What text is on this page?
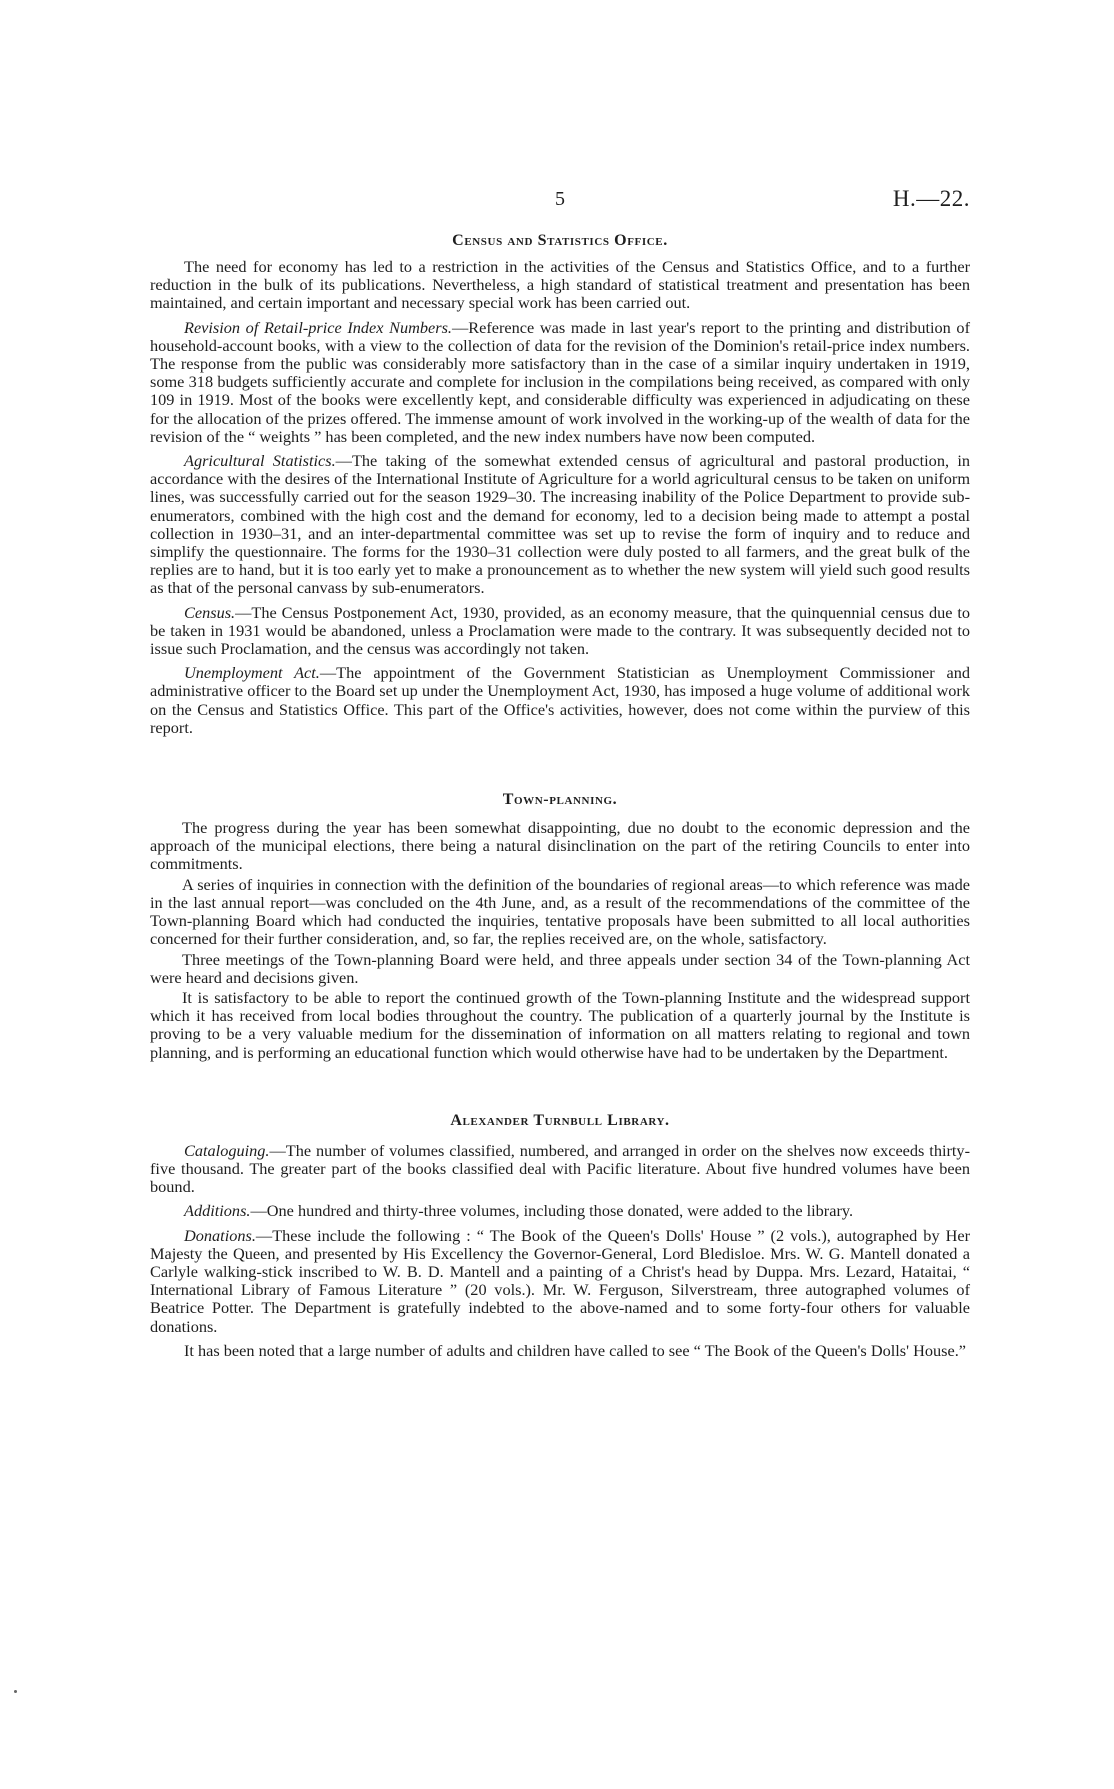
5	H.—22.
Census and Statistics Office.

The need for economy has led to a restriction in the activities of the Census and Statistics Office, and to a further reduction in the bulk of its publications. Nevertheless, a high standard of statistical treatment and presentation has been maintained, and certain important and necessary special work has been carried out.

Revision of Retail-price Index Numbers.—Reference was made in last year's report to the printing and distribution of household-account books, with a view to the collection of data for the revision of the Dominion's retail-price index numbers. The response from the public was considerably more satisfactory than in the case of a similar inquiry undertaken in 1919, some 318 budgets sufficiently accurate and complete for inclusion in the compilations being received, as compared with only 109 in 1919. Most of the books were excellently kept, and considerable difficulty was experienced in adjudicating on these for the allocation of the prizes offered. The immense amount of work involved in the working-up of the wealth of data for the revision of the “ weights ” has been completed, and the new index numbers have now been computed.

Agricultural Statistics.—The taking of the somewhat extended census of agricultural and pastoral production, in accordance with the desires of the International Institute of Agriculture for a world agricultural census to be taken on uniform lines, was successfully carried out for the season 1929–30. The increasing inability of the Police Department to provide sub-enumerators, combined with the high cost and the demand for economy, led to a decision being made to attempt a postal collection in 1930–31, and an inter-departmental committee was set up to revise the form of inquiry and to reduce and simplify the questionnaire. The forms for the 1930–31 collection were duly posted to all farmers, and the great bulk of the replies are to hand, but it is too early yet to make a pronouncement as to whether the new system will yield such good results as that of the personal canvass by sub-enumerators.

Census.—The Census Postponement Act, 1930, provided, as an economy measure, that the quinquennial census due to be taken in 1931 would be abandoned, unless a Proclamation were made to the contrary. It was subsequently decided not to issue such Proclamation, and the census was accordingly not taken.

Unemployment Act.—The appointment of the Government Statistician as Unemployment Commissioner and administrative officer to the Board set up under the Unemployment Act, 1930, has imposed a huge volume of additional work on the Census and Statistics Office. This part of the Office's activities, however, does not come within the purview of this report.

Town-planning.

The progress during the year has been somewhat disappointing, due no doubt to the economic depression and the approach of the municipal elections, there being a natural disinclination on the part of the retiring Councils to enter into commitments.

A series of inquiries in connection with the definition of the boundaries of regional areas—to which reference was made in the last annual report—was concluded on the 4th June, and, as a result of the recommendations of the committee of the Town-planning Board which had conducted the inquiries, tentative proposals have been submitted to all local authorities concerned for their further consideration, and, so far, the replies received are, on the whole, satisfactory.

Three meetings of the Town-planning Board were held, and three appeals under section 34 of the Town-planning Act were heard and decisions given.

It is satisfactory to be able to report the continued growth of the Town-planning Institute and the widespread support which it has received from local bodies throughout the country. The publication of a quarterly journal by the Institute is proving to be a very valuable medium for the dissemination of information on all matters relating to regional and town planning, and is performing an educational function which would otherwise have had to be undertaken by the Department.

Alexander Turnbull Library.

Cataloguing.—The number of volumes classified, numbered, and arranged in order on the shelves now exceeds thirty-five thousand. The greater part of the books classified deal with Pacific literature. About five hundred volumes have been bound.

Additions.—One hundred and thirty-three volumes, including those donated, were added to the library.

Donations.—These include the following : “ The Book of the Queen's Dolls' House ” (2 vols.), autographed by Her Majesty the Queen, and presented by His Excellency the Governor-General, Lord Bledisloe. Mrs. W. G. Mantell donated a Carlyle walking-stick inscribed to W. B. D. Mantell and a painting of a Christ's head by Duppa. Mrs. Lezard, Hataitai, “ International Library of Famous Literature ” (20 vols.). Mr. W. Ferguson, Silverstream, three autographed volumes of Beatrice Potter. The Department is gratefully indebted to the above-named and to some forty-four others for valuable donations.

It has been noted that a large number of adults and children have called to see “ The Book of the Queen's Dolls' House.”
